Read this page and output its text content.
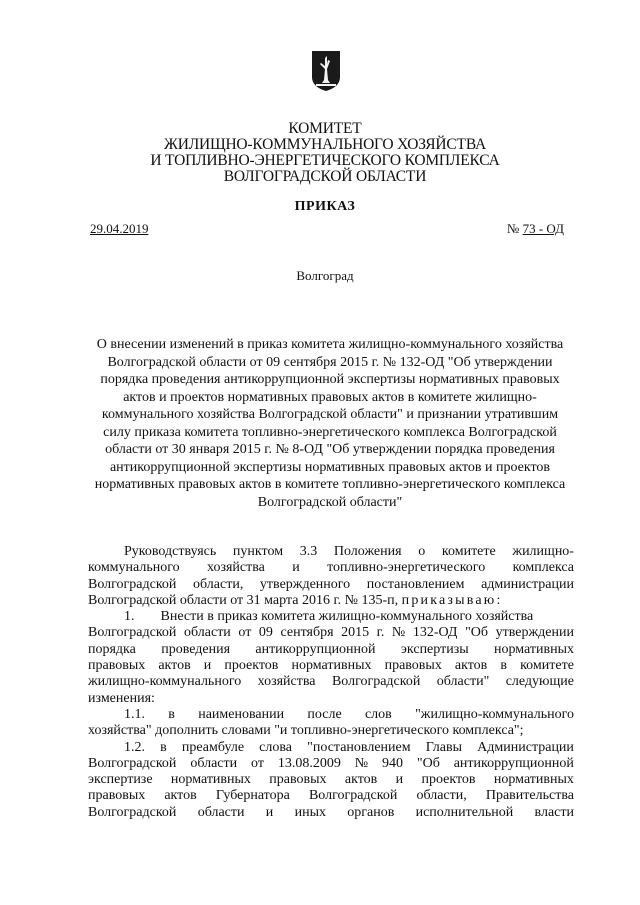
КОМИТЕТ
ЖИЛИЩНО-КОММУНАЛЬНОГО ХОЗЯЙСТВА
И ТОПЛИВНО-ЭНЕРГЕТИЧЕСКОГО КОМПЛЕКСА
ВОЛГОГРАДСКОЙ ОБЛАСТИ
ПРИКАЗ
29.04.2019	№ 73 - ОД
Волгоград
О внесении изменений в приказ комитета жилищно-коммунального хозяйства
Волгоградской области от 09 сентября 2015 г. № 132-ОД "Об утверждении
порядка проведения антикоррупционной экспертизы нормативных правовых
актов и проектов нормативных правовых актов в комитете жилищно-
коммунального хозяйства Волгоградской области" и признании утратившим
силу приказа комитета топливно-энергетического комплекса Волгоградской
области от 30 января 2015 г. № 8-ОД "Об утверждении порядка проведения
антикоррупционной экспертизы нормативных правовых актов и проектов
нормативных правовых актов в комитете топливно-энергетического комплекса
Волгоградской области"
Руководствуясь пунктом 3.3 Положения о комитете жилищно-
коммунального хозяйства и топливно-энергетического комплекса
Волгоградской области, утвержденного постановлением администрации
Волгоградской области от 31 марта 2016 г. № 135-п, приказываю:
1. Внести в приказ комитета жилищно-коммунального хозяйства
Волгоградской области от 09 сентября 2015 г. № 132-ОД "Об утверждении
порядка проведения антикоррупционной экспертизы нормативных
правовых актов и проектов нормативных правовых актов в комитете
жилищно-коммунального хозяйства Волгоградской области" следующие
изменения:
1.1. в наименовании после слов "жилищно-коммунального
хозяйства" дополнить словами "и топливно-энергетического комплекса";
1.2. в преамбуле слова "постановлением Главы Администрации
Волгоградской области от 13.08.2009 № 940 "Об антикоррупционной
экспертизе нормативных правовых актов и проектов нормативных
правовых актов Губернатора Волгоградской области, Правительства
Волгоградской области и иных органов исполнительной власти
